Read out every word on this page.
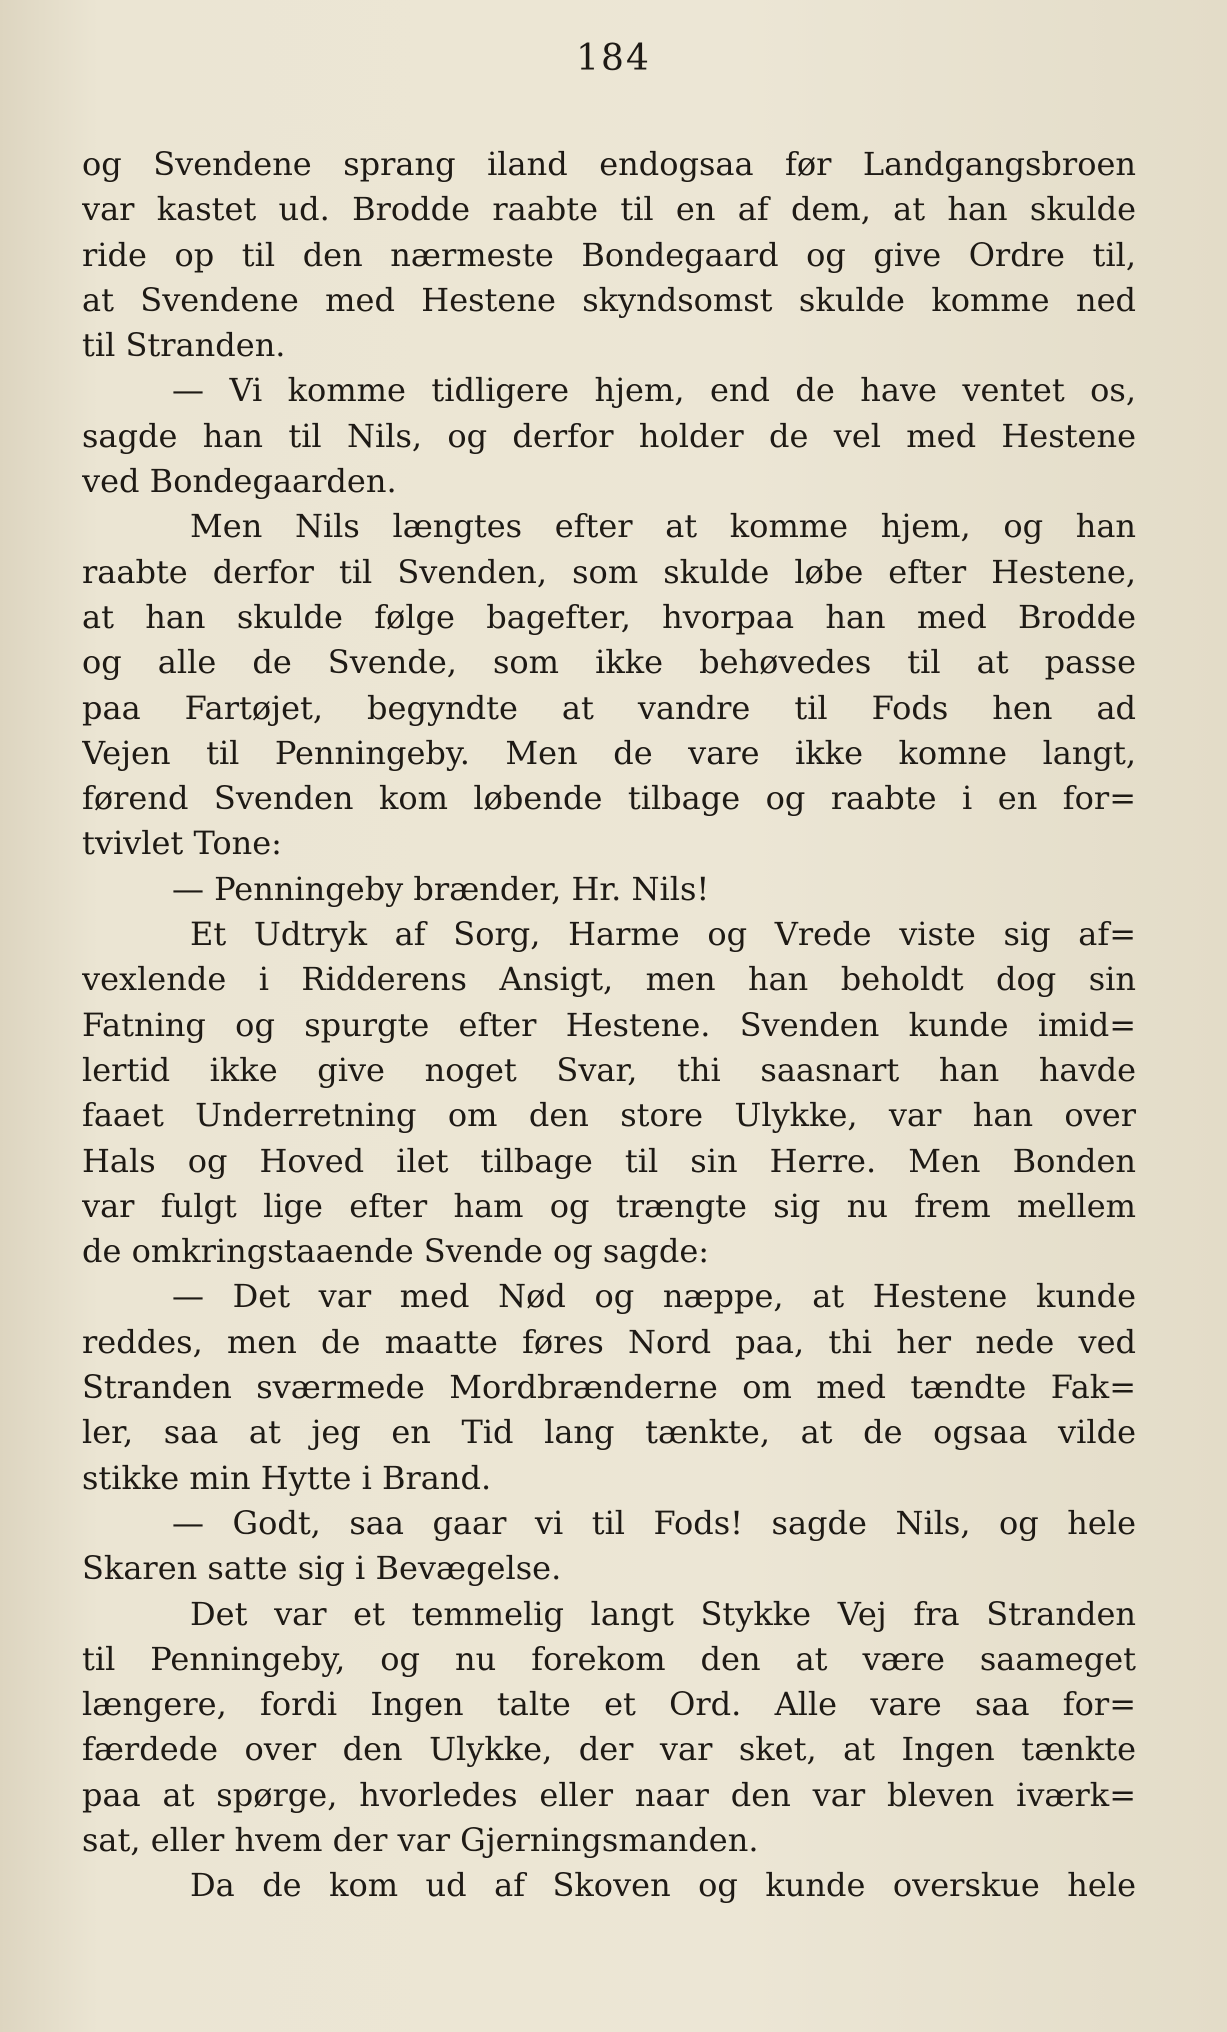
184
og Svendene sprang iland endogsaa før Landgangsbroen
var kastet ud. Brodde raabte til en af dem, at han skulde
ride op til den nærmeste Bondegaard og give Ordre til,
at Svendene med Hestene skyndsomst skulde komme ned
til Stranden.
— Vi komme tidligere hjem, end de have ventet os,
sagde han til Nils, og derfor holder de vel med Hestene
ved Bondegaarden.
Men Nils længtes efter at komme hjem, og han
raabte derfor til Svenden, som skulde løbe efter Hestene,
at han skulde følge bagefter, hvorpaa han med Brodde
og alle de Svende, som ikke behøvedes til at passe
paa Fartøjet, begyndte at vandre til Fods hen ad
Vejen til Penningeby. Men de vare ikke komne langt,
førend Svenden kom løbende tilbage og raabte i en for=
tvivlet Tone:
— Penningeby brænder, Hr. Nils!
Et Udtryk af Sorg, Harme og Vrede viste sig af=
vexlende i Ridderens Ansigt, men han beholdt dog sin
Fatning og spurgte efter Hestene. Svenden kunde imid=
lertid ikke give noget Svar, thi saasnart han havde
faaet Underretning om den store Ulykke, var han over
Hals og Hoved ilet tilbage til sin Herre. Men Bonden
var fulgt lige efter ham og trængte sig nu frem mellem
de omkringstaaende Svende og sagde:
— Det var med Nød og næppe, at Hestene kunde
reddes, men de maatte føres Nord paa, thi her nede ved
Stranden sværmede Mordbrænderne om med tændte Fak=
ler, saa at jeg en Tid lang tænkte, at de ogsaa vilde
stikke min Hytte i Brand.
— Godt, saa gaar vi til Fods! sagde Nils, og hele
Skaren satte sig i Bevægelse.
Det var et temmelig langt Stykke Vej fra Stranden
til Penningeby, og nu forekom den at være saameget
længere, fordi Ingen talte et Ord. Alle vare saa for=
færdede over den Ulykke, der var sket, at Ingen tænkte
paa at spørge, hvorledes eller naar den var bleven iværk=
sat, eller hvem der var Gjerningsmanden.
Da de kom ud af Skoven og kunde overskue hele
